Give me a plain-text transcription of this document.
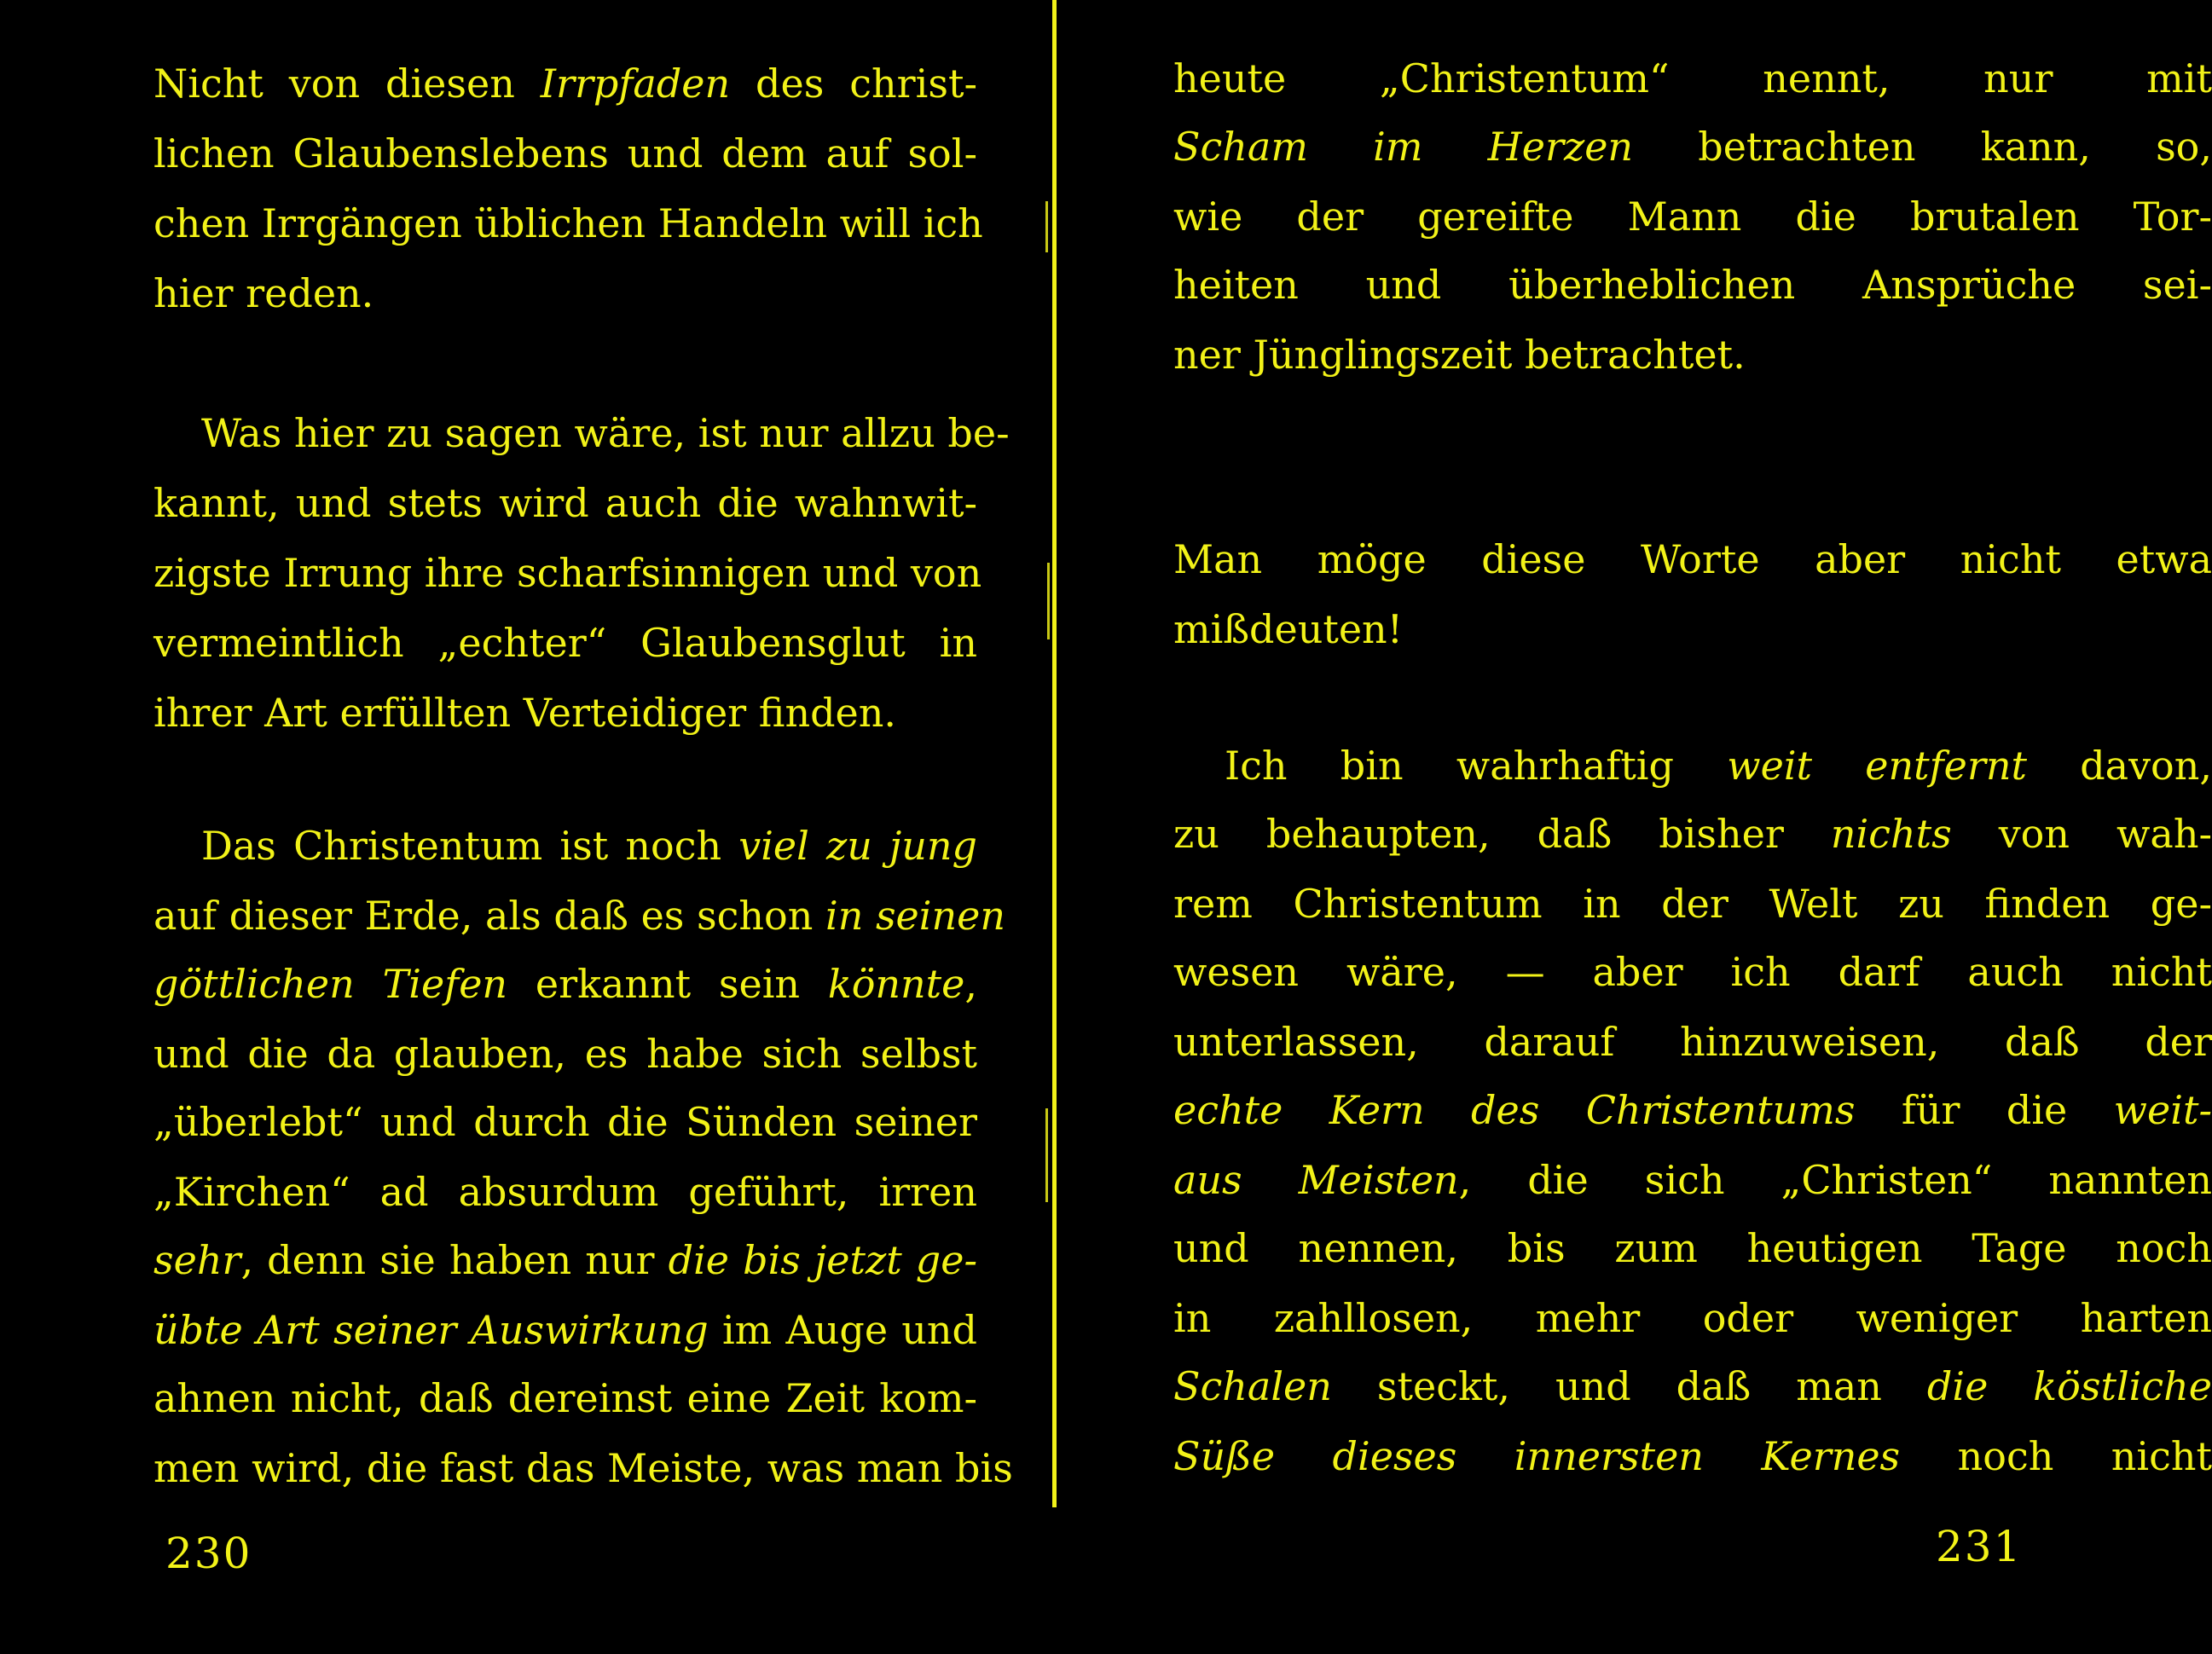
Nicht von diesen Irrpfaden des christ-
lichen Glaubenslebens und dem auf sol-
chen Irrgängen üblichen Handeln will ich
hier reden.
Was hier zu sagen wäre, ist nur allzu be-
kannt, und stets wird auch die wahnwit-
zigste Irrung ihre scharfsinnigen und von
vermeintlich „echter“ Glaubensglut in
ihrer Art erfüllten Verteidiger finden.
Das Christentum ist noch viel zu jung
auf dieser Erde, als daß es schon in seinen
göttlichen Tiefen erkannt sein könnte,
und die da glauben, es habe sich selbst
„überlebt“ und durch die Sünden seiner
„Kirchen“ ad absurdum geführt, irren
sehr, denn sie haben nur die bis jetzt ge-
übte Art seiner Auswirkung im Auge und
ahnen nicht, daß dereinst eine Zeit kom-
men wird, die fast das Meiste, was man bis
230
heute „Christentum“ nennt, nur mit
Scham im Herzen betrachten kann, so,
wie der gereifte Mann die brutalen Tor-
heiten und überheblichen Ansprüche sei-
ner Jünglingszeit betrachtet.
Man möge diese Worte aber nicht etwa
mißdeuten!
Ich bin wahrhaftig weit entfernt davon,
zu behaupten, daß bisher nichts von wah-
rem Christentum in der Welt zu finden ge-
wesen wäre, — aber ich darf auch nicht
unterlassen, darauf hinzuweisen, daß der
echte Kern des Christentums für die weit-
aus Meisten, die sich „Christen“ nannten
und nennen, bis zum heutigen Tage noch
in zahllosen, mehr oder weniger harten
Schalen steckt, und daß man die köstliche
Süße dieses innersten Kernes noch nicht
231
